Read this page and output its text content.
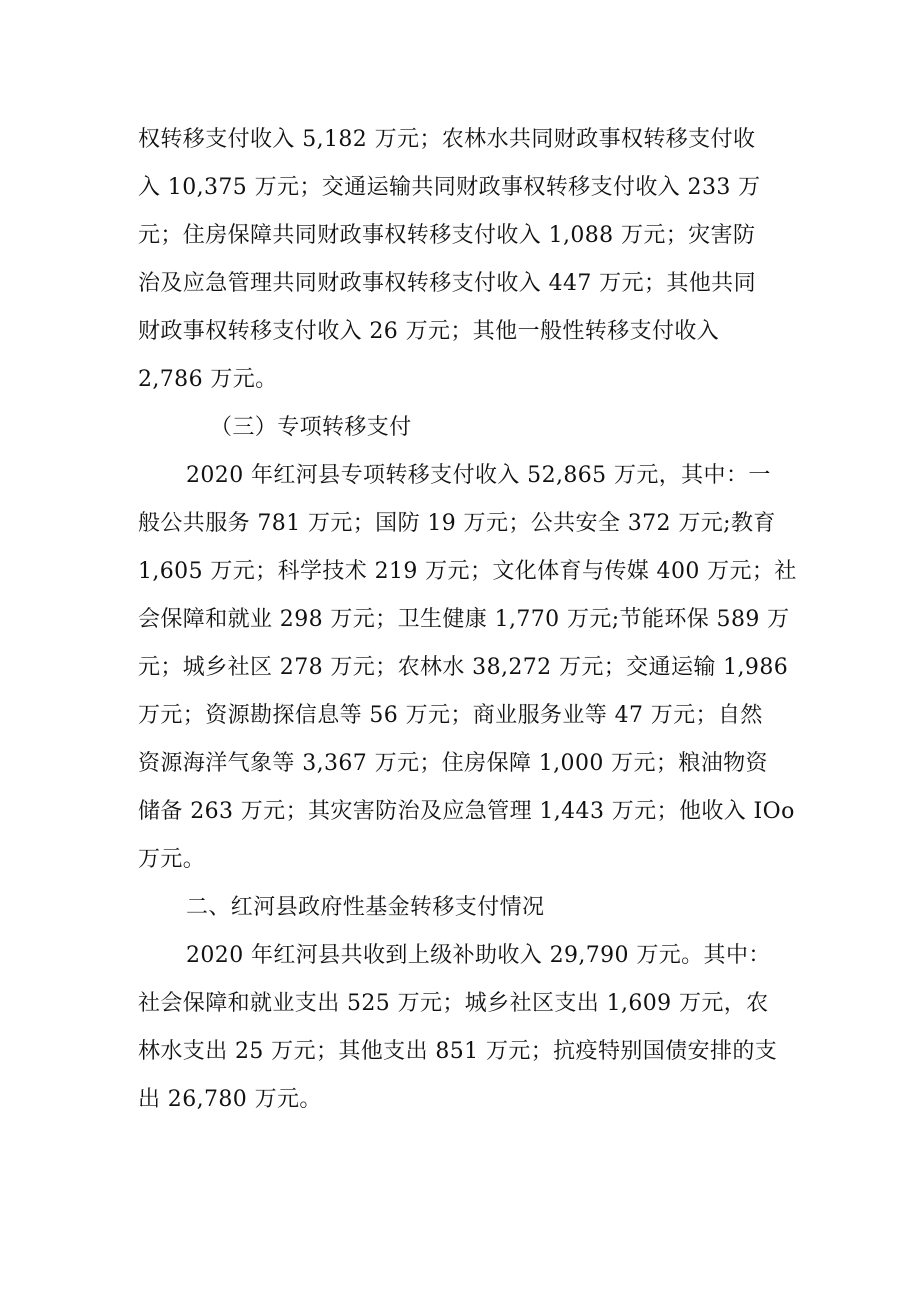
权转移支付收入 5,182 万元；农林水共同财政事权转移支付收
入 10,375 万元；交通运输共同财政事权转移支付收入 233 万
元；住房保障共同财政事权转移支付收入 1,088 万元；灾害防
治及应急管理共同财政事权转移支付收入 447 万元；其他共同
财政事权转移支付收入 26 万元；其他一般性转移支付收入
2,786 万元。
（三）专项转移支付
2020 年红河县专项转移支付收入 52,865 万元，其中：一
般公共服务 781 万元；国防 19 万元；公共安全 372 万元;教育
1,605 万元；科学技术 219 万元；文化体育与传媒 400 万元；社
会保障和就业 298 万元；卫生健康 1,770 万元;节能环保 589 万
元；城乡社区 278 万元；农林水 38,272 万元；交通运输 1,986
万元；资源勘探信息等 56 万元；商业服务业等 47 万元；自然
资源海洋气象等 3,367 万元；住房保障 1,000 万元；粮油物资
储备 263 万元；其灾害防治及应急管理 1,443 万元；他收入 IOo
万元。
二、红河县政府性基金转移支付情况
2020 年红河县共收到上级补助收入 29,790 万元。其中：
社会保障和就业支出 525 万元；城乡社区支出 1,609 万元，农
林水支出 25 万元；其他支出 851 万元；抗疫特别国债安排的支
出 26,780 万元。
